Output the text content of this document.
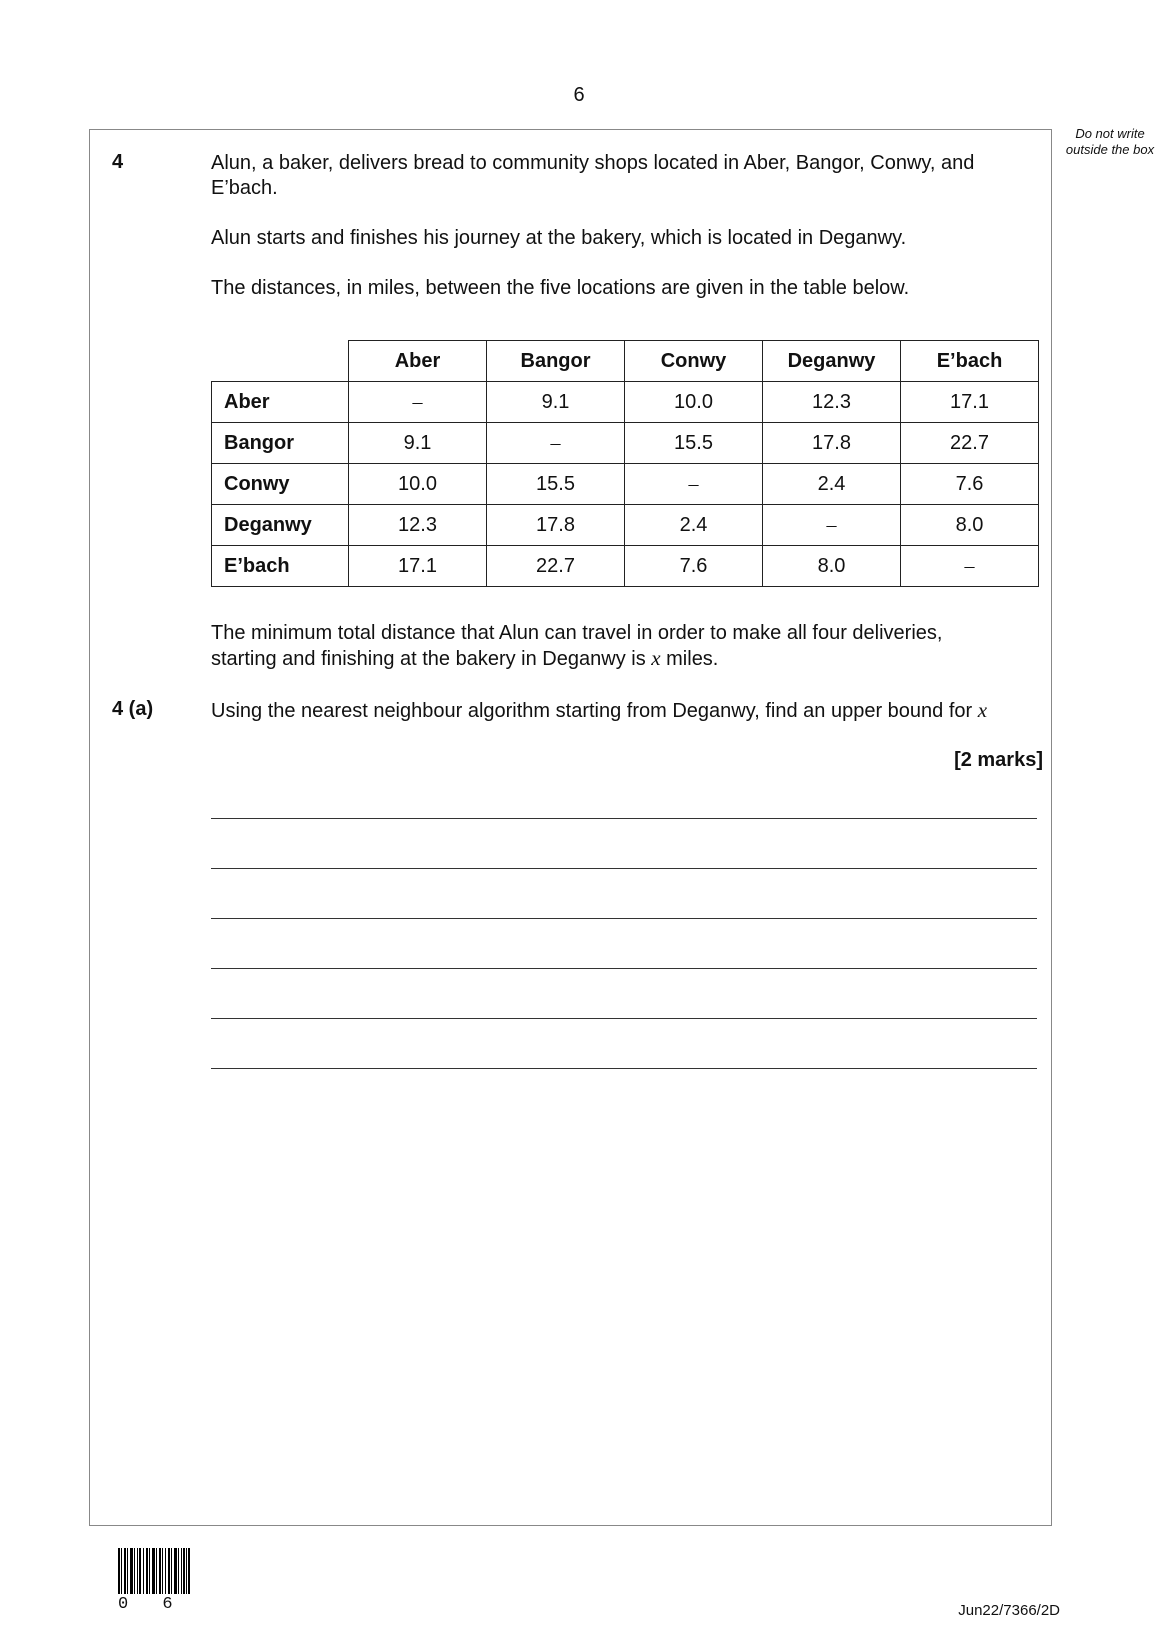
6
Do not write outside the box
4	Alun, a baker, delivers bread to community shops located in Aber, Bangor, Conwy, and E’bach.
Alun starts and finishes his journey at the bakery, which is located in Deganwy.
The distances, in miles, between the five locations are given in the table below.
	Aber	Bangor	Conwy	Deganwy	E’bach
Aber	–	9.1	10.0	12.3	17.1
Bangor	9.1	–	15.5	17.8	22.7
Conwy	10.0	15.5	–	2.4	7.6
Deganwy	12.3	17.8	2.4	–	8.0
E’bach	17.1	22.7	7.6	8.0	–
The minimum total distance that Alun can travel in order to make all four deliveries, starting and finishing at the bakery in Deganwy is x miles.
4 (a)	Using the nearest neighbour algorithm starting from Deganwy, find an upper bound for x
[2 marks]
0 6	Jun22/7366/2D
